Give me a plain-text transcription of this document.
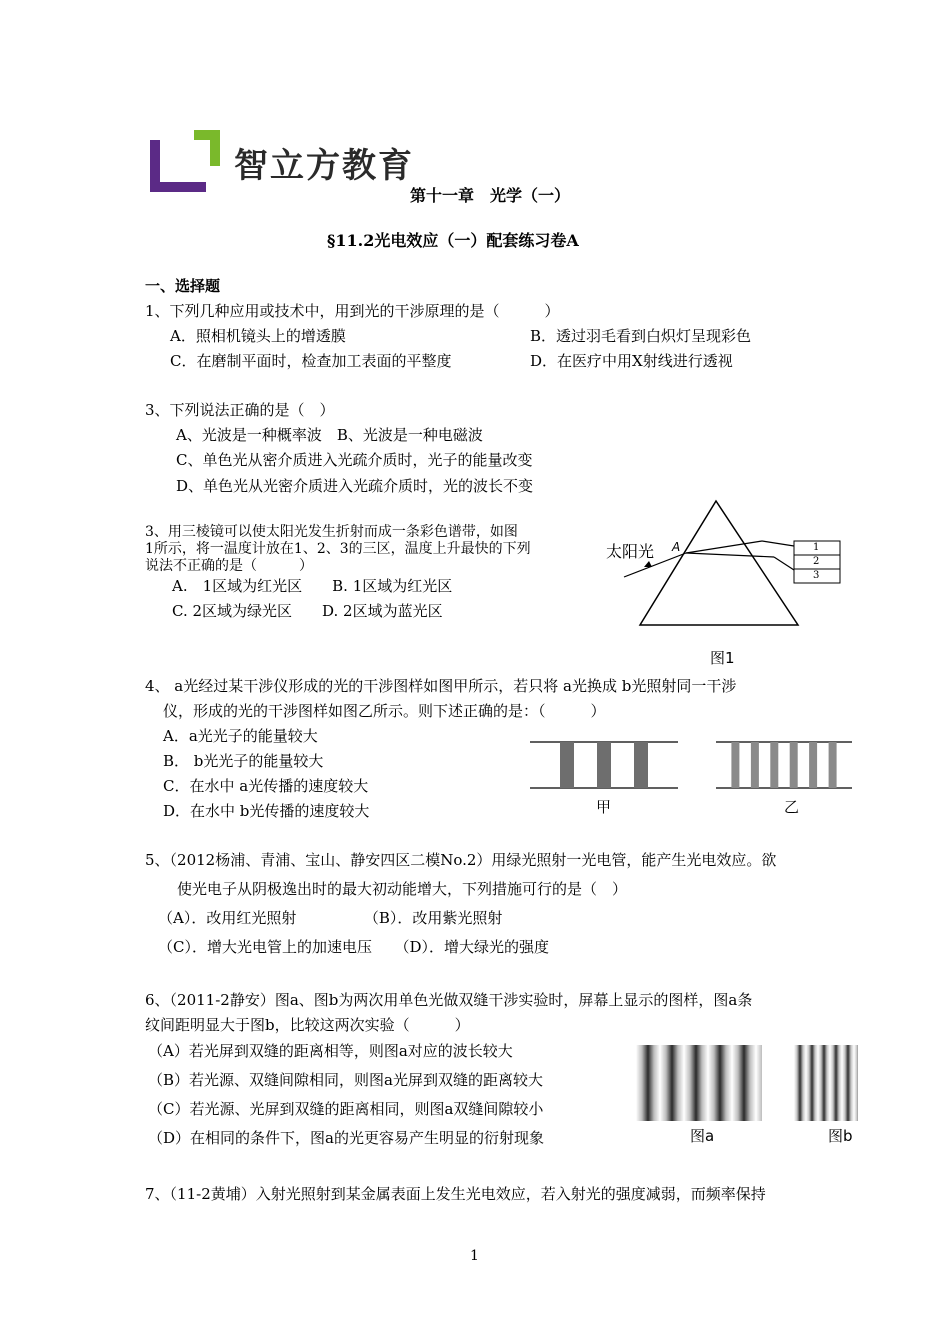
智立方教育
第十一章　光学（一）
§11.2光电效应（一）配套练习卷A
一、选择题
1、下列几种应用或技术中，用到光的干涉原理的是（　　　）
A．照相机镜头上的增透膜	B．透过羽毛看到白炽灯呈现彩色
C．在磨制平面时，检查加工表面的平整度	D．在医疗中用X射线进行透视
3、下列说法正确的是（　）
A、光波是一种概率波　B、光波是一种电磁波
C、单色光从密介质进入光疏介质时，光子的能量改变
D、单色光从光密介质进入光疏介质时，光的波长不变
3、用三棱镜可以使太阳光发生折射而成一条彩色谱带，如图
1所示，将一温度计放在1、2、3的三区，温度上升最快的下列
说法不正确的是（　　　）
A.　1区域为红光区　　B. 1区域为红光区
C. 2区域为绿光区　　D. 2区域为蓝光区
太阳光 A	1
2
3
图1
4、 a光经过某干涉仪形成的光的干涉图样如图甲所示，若只将 a光换成 b光照射同一干涉
仪，形成的光的干涉图样如图乙所示。则下述正确的是：（　　　）
A．a光光子的能量较大
B． b光光子的能量较大
C．在水中 a光传播的速度较大
D．在水中 b光传播的速度较大	甲	乙
5、（2012杨浦、青浦、宝山、静安四区二模No.2）用绿光照射一光电管，能产生光电效应。欲
使光电子从阴极逸出时的最大初动能增大，下列措施可行的是（　）
（A）．改用红光照射　　　　　（B）．改用紫光照射
（C）．增大光电管上的加速电压　　（D）．增大绿光的强度
6、（2011-2静安）图a、图b为两次用单色光做双缝干涉实验时，屏幕上显示的图样，图a条
纹间距明显大于图b，比较这两次实验（　　　）
（A）若光屏到双缝的距离相等，则图a对应的波长较大
（B）若光源、双缝间隙相同，则图a光屏到双缝的距离较大
（C）若光源、光屏到双缝的距离相同，则图a双缝间隙较小
（D）在相同的条件下，图a的光更容易产生明显的衍射现象	图a	图b
7、（11-2黄埔）入射光照射到某金属表面上发生光电效应，若入射光的强度减弱，而频率保持
1
